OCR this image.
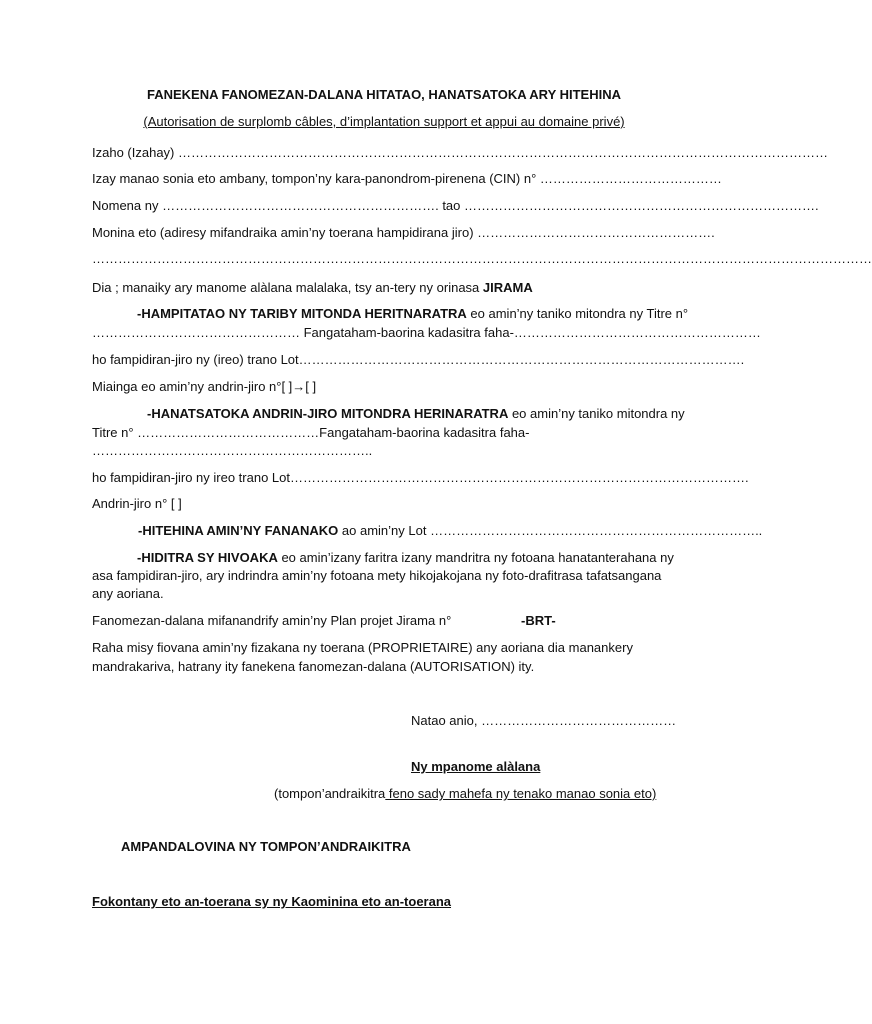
FANEKENA FANOMEZAN-DALANA HITATAO, HANATSATOKA ARY HITEHINA
(Autorisation de surplomb câbles, d’implantation support et appui au domaine privé)
Izaho (Izahay) ……………………………………………………………………………………………………………………………………
Izay manao sonia eto ambany, tompon’ny kara-panondrom-pirenena (CIN) n° ……………………………………
Nomena ny ………………………………………………………. tao ……………………………………………………………………….
Monina eto (adiresy mifandraika amin’ny toerana hampidirana jiro) ……………………………………………….
………………………………………………………………………………………………………………………………………………………………
Dia ; manaiky ary manome alàlana malalaka, tsy an-tery ny orinasa JIRAMA
-HAMPITATAO NY TARIBY MITONDA HERITNARATRA eo amin’ny taniko mitondra ny Titre n°
………………………………………… Fangataham-baorina kadasitra faha-…………………………………………………
ho fampidiran-jiro ny (ireo) trano Lot………………………………………………………………………………………….
Miainga eo amin’ny andrin-jiro n°[ ]→[ ]
-HANATSATOKA ANDRIN-JIRO MITONDRA HERINARATRA eo amin’ny taniko mitondra ny
Titre n° ……………………………………Fangataham-baorina kadasitra faha-
………………………………………………………..
ho fampidiran-jiro ny ireo trano Lot…………………………………………………………………………………………….
Andrin-jiro n° [ ]
-HITEHINA AMIN’NY FANANAKO ao amin’ny Lot …………………………………………………………………..
-HIDITRA SY HIVOAKA eo amin’izany faritra izany mandritra ny fotoana hanatanterahana ny
asa fampidiran-jiro, ary indrindra amin’ny fotoana mety hikojakojana ny foto-drafitrasa tafatsangana
any aoriana.
Fanomezan-dalana mifanandrify amin’ny Plan projet Jirama n°	-BRT-
Raha misy fiovana amin’ny fizakana ny toerana (PROPRIETAIRE) any aoriana dia manankery
mandrakariva, hatrany ity fanekena fanomezan-dalana (AUTORISATION) ity.
Natao anio, ………………………………………
Ny mpanome alàlana
(tompon’andraikitra feno sady mahefa ny tenako manao sonia eto)
AMPANDALOVINA NY TOMPON’ANDRAIKITRA
Fokontany eto an-toerana sy ny Kaominina eto an-toerana
